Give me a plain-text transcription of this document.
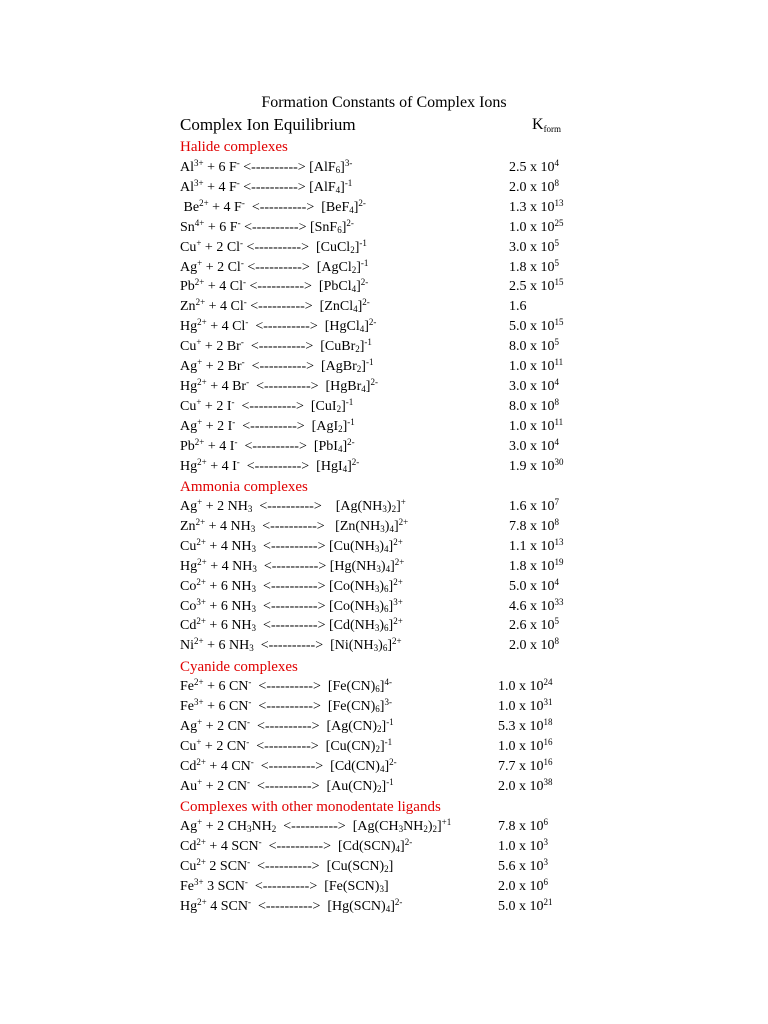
Formation Constants of Complex Ions
Complex Ion Equilibrium	$K_{form}$
Halide complexes
$Al^{3+} + 6$ F- <----------> $[AlF_6]^{3-}$	2.5 x $10^4$
$Al^{3+} + 4$ F- <----------> $[AlF_4]^{-1}$	2.0 x $10^8$
$Be^{2+} + 4$ F-  <---------->  $[BeF_4]^{2-}$	1.3 x $10^{13}$
$Sn^{4+} + 6$ F- <----------> $[SnF_6]^{2-}$	1.0 x $10^{25}$
Cu+ + 2 Cl- <---------->  [CuCl$_2$]$^{-1}$	3.0 x $10^5$
Ag+ + 2 Cl- <---------->  [AgCl$_2$]$^{-1}$	1.8 x $10^5$
$Pb^{2+} + 4$ Cl- <---------->  [PbCl$_4$]$^{2-}$	2.5 x $10^{15}$
$Zn^{2+} + 4$ Cl- <---------->  [ZnCl$_4$]$^{2-}$	1.6
$Hg^{2+} + 4$ Cl-  <---------->  [HgCl$_4$]$^{2-}$	5.0 x $10^{15}$
Cu+ + 2 Br-  <---------->  [CuBr$_2$]$^{-1}$	8.0 x $10^5$
Ag+ + 2 Br-  <---------->  [AgBr$_2$]$^{-1}$	1.0 x $10^{11}$
$Hg^{2+} + 4$ Br-  <---------->  [HgBr$_4$]$^{2-}$	3.0 x $10^4$
Cu+ + 2 I-  <---------->  $[CuI_2]^{-1}$	8.0 x $10^8$
Ag+ + 2 I-  <---------->  $[AgI_2]^{-1}$	1.0 x $10^{11}$
$Pb^{2+} + 4$ I-  <---------->  $[PbI_4]^{2-}$	3.0 x $10^4$
$Hg^{2+} + 4$ I-  <---------->  $[HgI_4]^{2-}$	1.9 x $10^{30}$
Ammonia complexes
Ag+ + 2 $NH_3$  <---------->    $[Ag(NH_3)_2]^+$	1.6 x $10^7$
$Zn^{2+} + 4$ $NH_3$  <---------->   $[Zn(NH_3)_4]^{2+}$	7.8 x $10^8$
$Cu^{2+} + 4$ $NH_3$  <----------> $[Cu(NH_3)_4]^{2+}$	1.1 x $10^{13}$
$Hg^{2+} + 4$ $NH_3$  <----------> $[Hg(NH_3)_4]^{2+}$	1.8 x $10^{19}$
$Co^{2+} + 6$ $NH_3$  <----------> $[Co(NH_3)_6]^{2+}$	5.0 x $10^4$
$Co^{3+} + 6$ $NH_3$  <----------> $[Co(NH_3)_6]^{3+}$	4.6 x $10^{33}$
$Cd^{2+} + 6$ $NH_3$  <----------> $[Cd(NH_3)_6]^{2+}$	2.6 x $10^5$
$Ni^{2+} + 6$ $NH_3$  <---------->  $[Ni(NH_3)_6]^{2+}$	2.0 x $10^8$
Cyanide complexes
$Fe^{2+} + 6$ CN-  <---------->  $[Fe(CN)_6]^{4-}$	1.0 x $10^{24}$
$Fe^{3+} + 6$ CN-  <---------->  $[Fe(CN)_6]^{3-}$	1.0 x $10^{31}$
Ag+ + 2 CN-  <---------->  $[Ag(CN)_2]^{-1}$	5.3 x $10^{18}$
Cu+ + 2 CN-  <---------->  $[Cu(CN)_2]^{-1}$	1.0 x $10^{16}$
$Cd^{2+} + 4$ CN-  <---------->  $[Cd(CN)_4]^{2-}$	7.7 x $10^{16}$
Au+ + 2 CN-  <---------->  $[Au(CN)_2]^{-1}$	2.0 x $10^{38}$
Complexes with other monodentate ligands
Ag+ + 2 $CH_3NH_2$  <---------->  $[Ag(CH_3NH_2)_2]^{+1}$	7.8 x $10^6$
$Cd^{2+} + 4$ SCN-  <---------->  $[Cd(SCN)_4]^{2-}$	1.0 x $10^3$
$Cu^{2+}$ 2 SCN-  <---------->  $[Cu(SCN)_2]$	5.6 x $10^3$
$Fe^{3+}$ 3 SCN-  <---------->  $[Fe(SCN)_3]$	2.0 x $10^6$
$Hg^{2+}$ 4 SCN-  <---------->  $[Hg(SCN)_4]^{2-}$	5.0 x $10^{21}$
